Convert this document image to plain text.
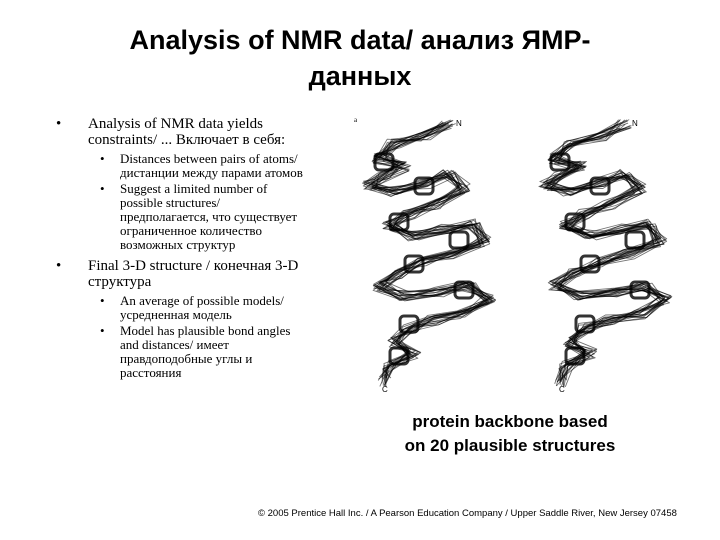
Analysis of NMR data/ анализ ЯМР-
данных
• Analysis of NMR data yields
constraints/ ... Включает в себя:
• Distances between pairs of atoms/
дистанции между парами атомов
• Suggest a limited number of
possible structures/
предполагается, что существует
ограниченное количество
возможных структур
• Final 3-D structure / конечная 3-D
структура
• An average of possible models/
усредненная модель
• Model has plausible bond angles
and distances/ имеет
правдоподобные углы и
расстояния
a	N	N
C	C
protein backbone based
on 20 plausible structures
© 2005 Prentice Hall Inc. / A Pearson Education Company / Upper Saddle River, New Jersey 07458
